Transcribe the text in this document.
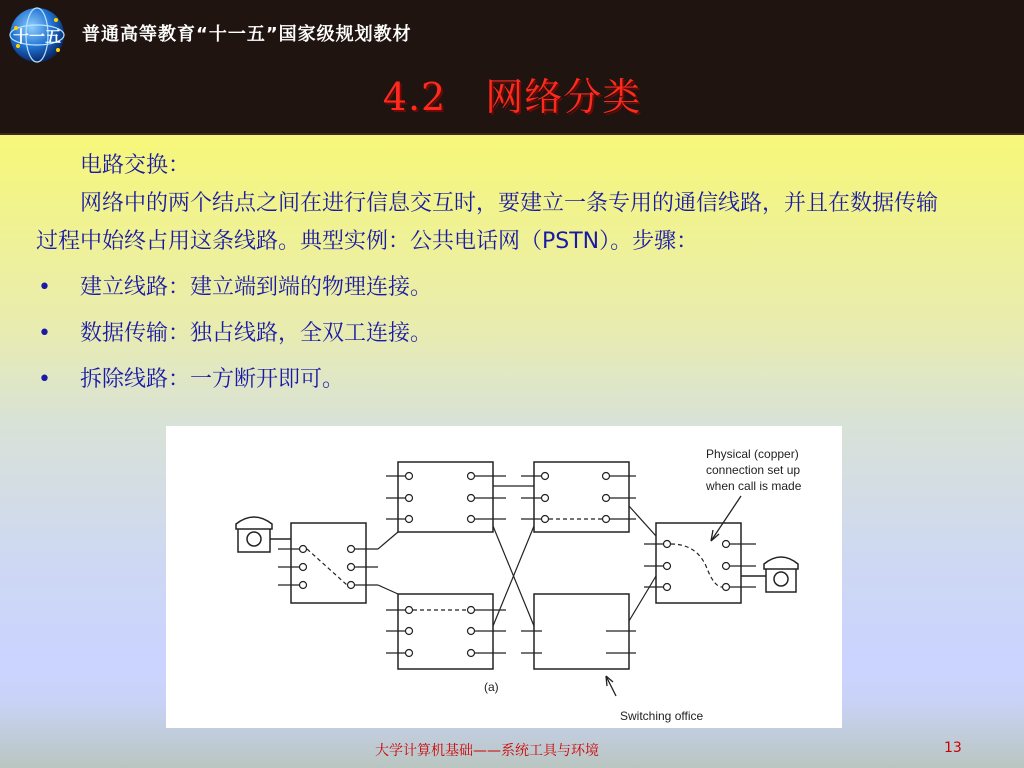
十一五 普通高等教育“十一五”国家级规划教材
4.2　网络分类

电路交换：

网络中的两个结点之间在进行信息交互时，要建立一条专用的通信线路，并且在数据传输过程中始终占用这条线路。典型实例：公共电话网（PSTN）。步骤：

• 建立线路：建立端到端的物理连接。
• 数据传输：独占线路，全双工连接。
• 拆除线路：一方断开即可。
Physical (copper)
connection set up
when call is made
(a)
Switching office
大学计算机基础——系统工具与环境	13
